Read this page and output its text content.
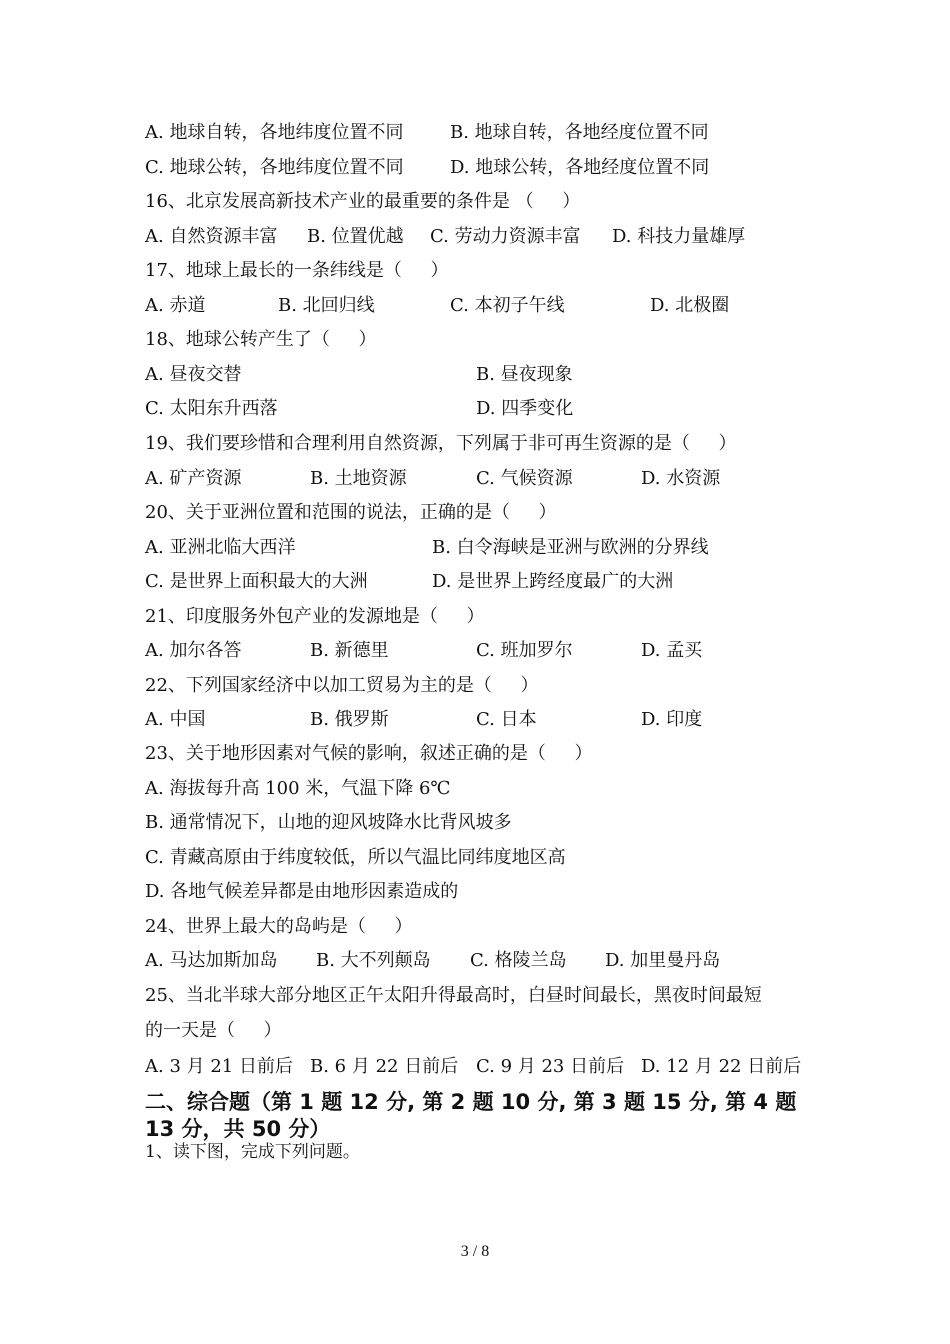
A. 地球自转，各地纬度位置不同	B. 地球自转，各地经度位置不同
C. 地球公转，各地纬度位置不同	D. 地球公转，各地经度位置不同
16、北京发展高新技术产业的最重要的条件是 （     ）
A. 自然资源丰富 B. 位置优越 C. 劳动力资源丰富 D. 科技力量雄厚
17、地球上最长的一条纬线是（     ）
A. 赤道	B. 北回归线	C. 本初子午线	D. 北极圈
18、地球公转产生了（     ）
A. 昼夜交替	B. 昼夜现象
C. 太阳东升西落	D. 四季变化
19、我们要珍惜和合理利用自然资源，下列属于非可再生资源的是（     ）
A. 矿产资源	B. 土地资源	C. 气候资源	D. 水资源
20、关于亚洲位置和范围的说法，正确的是（     ）
A. 亚洲北临大西洋	B. 白令海峡是亚洲与欧洲的分界线
C. 是世界上面积最大的大洲	D. 是世界上跨经度最广的大洲
21、印度服务外包产业的发源地是（     ）
A. 加尔各答	B. 新德里	C. 班加罗尔	D. 孟买
22、下列国家经济中以加工贸易为主的是（     ）
A. 中国	B. 俄罗斯	C. 日本	D. 印度
23、关于地形因素对气候的影响，叙述正确的是（     ）
A. 海拔每升高 100 米，气温下降 6℃
B. 通常情况下，山地的迎风坡降水比背风坡多
C. 青藏高原由于纬度较低，所以气温比同纬度地区高
D. 各地气候差异都是由地形因素造成的
24、世界上最大的岛屿是（     ）
A. 马达加斯加岛 B. 大不列颠岛 C. 格陵兰岛 D. 加里曼丹岛
25、当北半球大部分地区正午太阳升得最高时，白昼时间最长，黑夜时间最短
的一天是（     ）
A. 3 月 21 日前后 B. 6 月 22 日前后 C. 9 月 23 日前后 D. 12 月 22 日前后
二、综合题（第 1 题 12 分, 第 2 题 10 分, 第 3 题 15 分, 第 4 题 13 分，共 50 分）
1、读下图，完成下列问题。
3 / 8
